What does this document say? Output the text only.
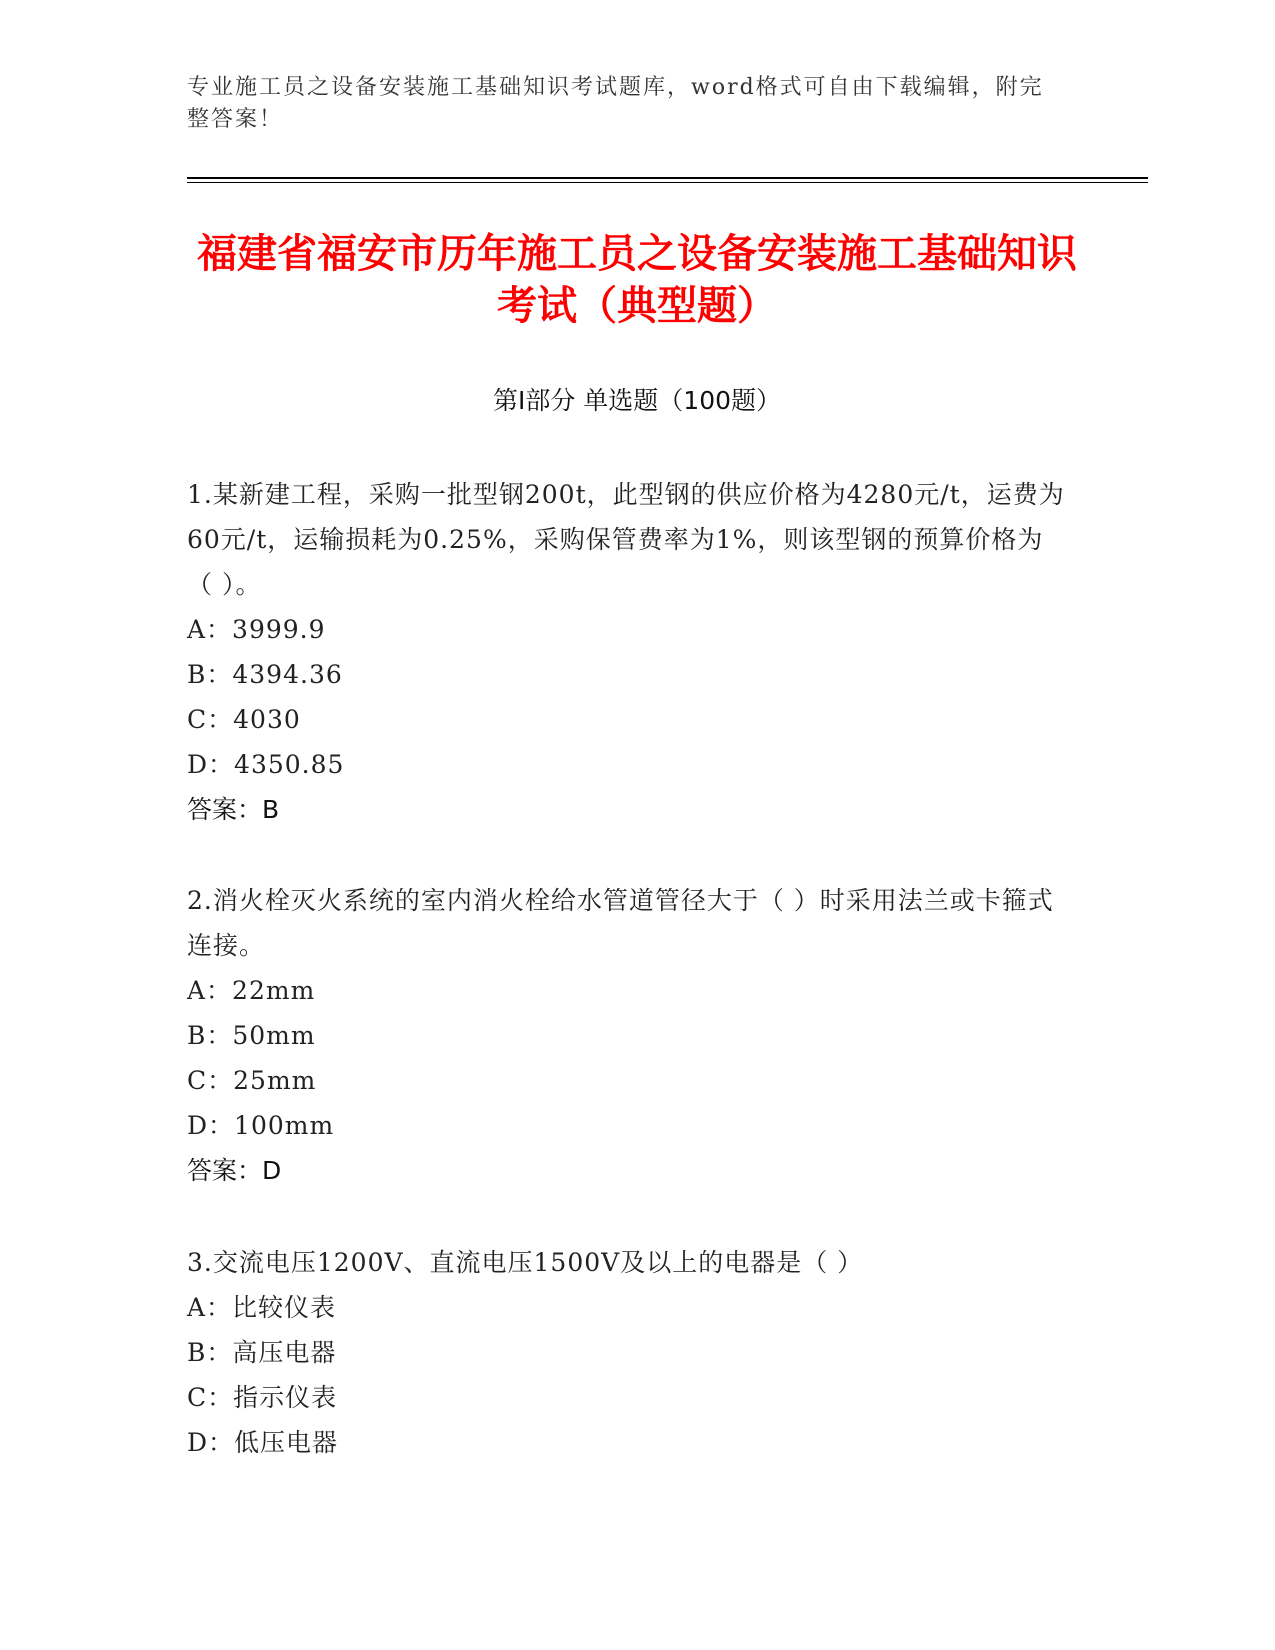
专业施工员之设备安装施工基础知识考试题库，word格式可自由下载编辑，附完整答案！
福建省福安市历年施工员之设备安装施工基础知识考试（典型题）
第Ⅰ部分 单选题（100题）

1.某新建工程，采购一批型钢200t，此型钢的供应价格为4280元/t，运费为60元/t，运输损耗为0.25%，采购保管费率为1%，则该型钢的预算价格为（ ）。

A：3999.9

B：4394.36

C：4030

D：4350.85

答案：B

2.消火栓灭火系统的室内消火栓给水管道管径大于（ ）时采用法兰或卡箍式连接。

A：22mm

B：50mm

C：25mm

D：100mm

答案：D

3.交流电压1200V、直流电压1500V及以上的电器是（ ）

A：比较仪表

B：高压电器

C：指示仪表

D：低压电器
